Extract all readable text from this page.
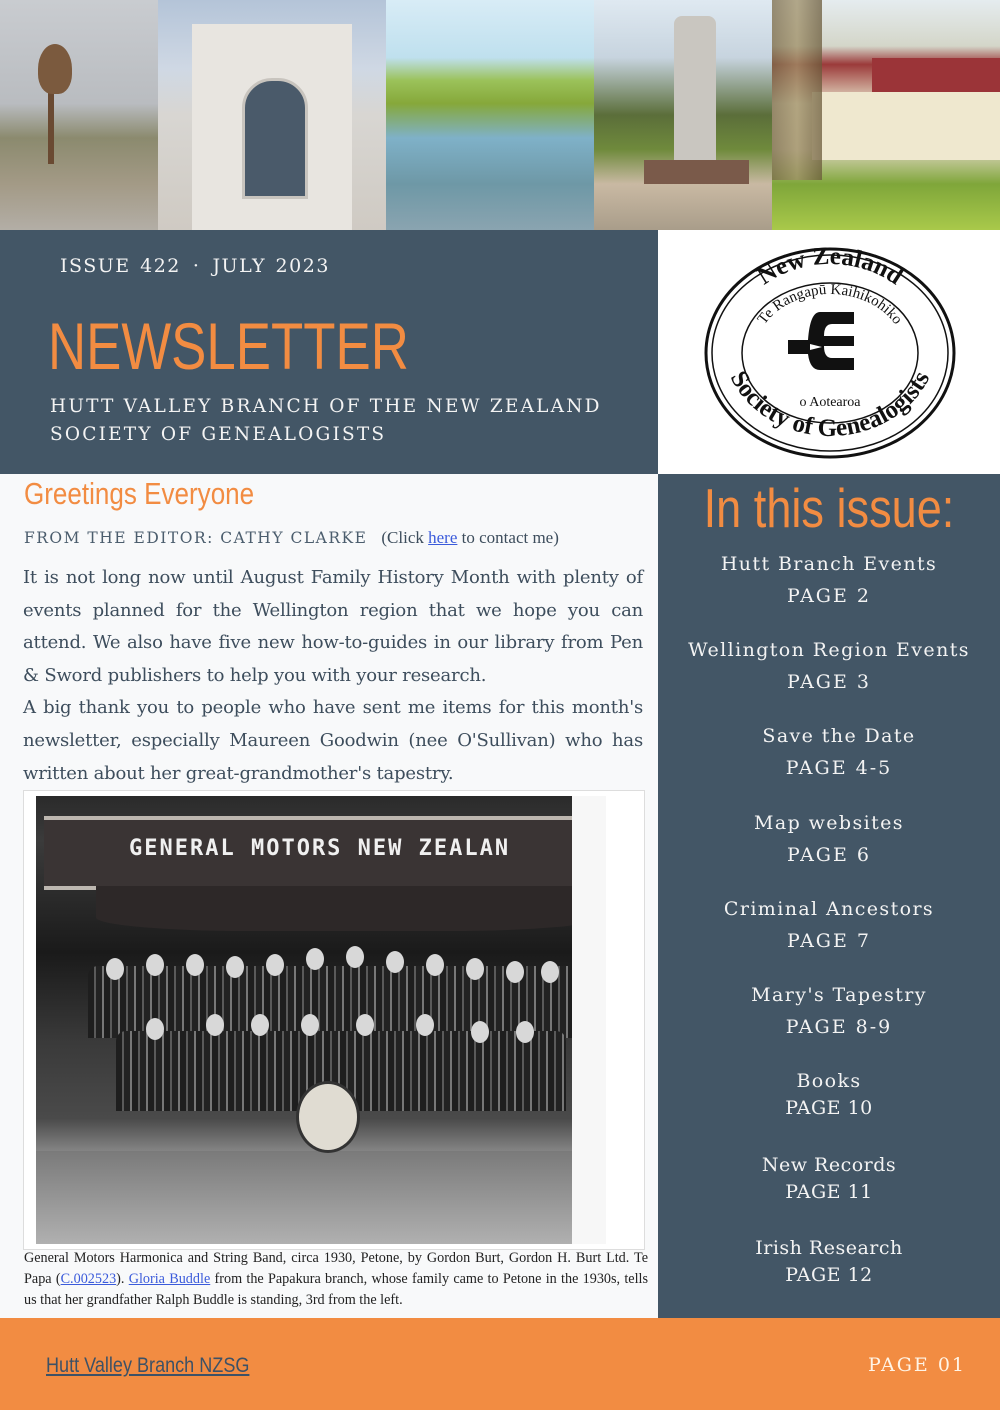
ISSUE 422 · JULY 2023
NEWSLETTER
HUTT VALLEY BRANCH OF THE NEW ZEALAND
SOCIETY OF GENEALOGISTS
New Zealand
Te Rangapū Kaihikohiko
Society of Genealogists
o Aotearoa
Greetings Everyone
FROM THE EDITOR: CATHY CLARKE (Click here to contact me)

It is not long now until August Family History Month with plenty of events planned for the Wellington region that we hope you can attend. We also have five new how-to-guides in our library from Pen & Sword publishers to help you with your research.

A big thank you to people who have sent me items for this month's newsletter, especially Maureen Goodwin (nee O'Sullivan) who has written about her great-grandmother's tapestry.

GENERAL MOTORS NEW ZEALAN
General Motors Harmonica and String Band, circa 1930, Petone, by Gordon Burt, Gordon H. Burt Ltd. Te Papa (C.002523). Gloria Buddle from the Papakura branch, whose family came to Petone in the 1930s, tells us that her grandfather Ralph Buddle is standing, 3rd from the left.
In this issue:
Hutt Branch Events
PAGE 2
Wellington Region Events
PAGE 3
Save the Date
PAGE 4-5
Map websites
PAGE 6
Criminal Ancestors
PAGE 7
Mary's Tapestry
PAGE 8-9
Books
PAGE 10
New Records
PAGE 11
Irish Research
PAGE 12
Hutt Valley Branch NZSG	PAGE 01
